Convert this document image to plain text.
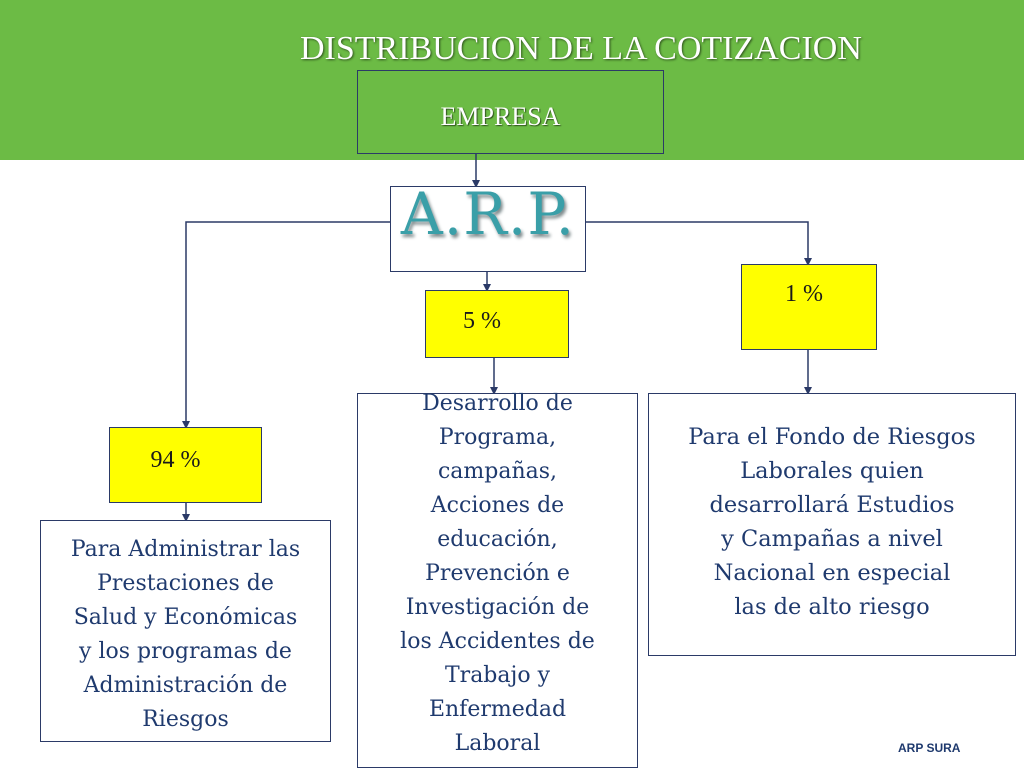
DISTRIBUCION DE LA COTIZACION
EMPRESA
A.R.P.
5 %
1 %
94 %
Para Administrar las
Prestaciones de
Salud y Económicas
y los programas de
Administración de
Riesgos
Desarrollo de
Programa,
campañas,
Acciones de
educación,
Prevención e
Investigación de
los Accidentes de
Trabajo y
Enfermedad
Laboral
Para el Fondo de Riesgos
Laborales quien
desarrollará Estudios
y Campañas a nivel
Nacional en especial
las de alto riesgo
ARP SURA
